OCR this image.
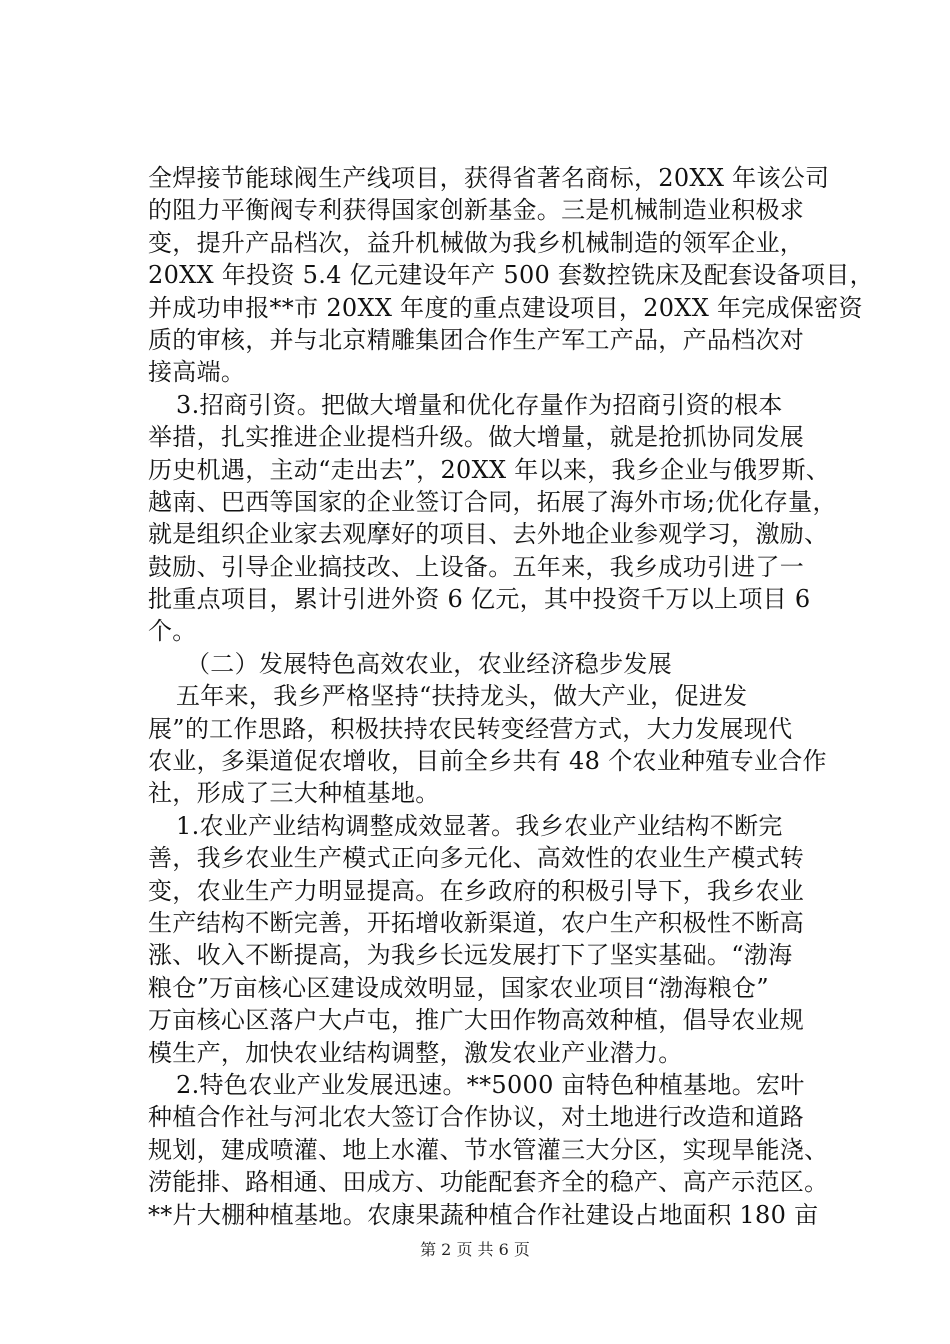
全焊接节能球阀生产线项目，获得省著名商标，20XX 年该公司
的阻力平衡阀专利获得国家创新基金。三是机械制造业积极求
变，提升产品档次，益升机械做为我乡机械制造的领军企业，
20XX 年投资 5.4 亿元建设年产 500 套数控铣床及配套设备项目，
并成功申报**市 20XX 年度的重点建设项目，20XX 年完成保密资
质的审核，并与北京精雕集团合作生产军工产品，产品档次对
接高端。
3.招商引资。把做大增量和优化存量作为招商引资的根本
举措，扎实推进企业提档升级。做大增量，就是抢抓协同发展
历史机遇，主动“走出去”，20XX 年以来，我乡企业与俄罗斯、
越南、巴西等国家的企业签订合同，拓展了海外市场;优化存量，
就是组织企业家去观摩好的项目、去外地企业参观学习，激励、
鼓励、引导企业搞技改、上设备。五年来，我乡成功引进了一
批重点项目，累计引进外资 6 亿元，其中投资千万以上项目 6
个。
（二）发展特色高效农业，农业经济稳步发展
五年来，我乡严格坚持“扶持龙头，做大产业，促进发
展”的工作思路，积极扶持农民转变经营方式，大力发展现代
农业，多渠道促农增收，目前全乡共有 48 个农业种殖专业合作
社，形成了三大种植基地。
1.农业产业结构调整成效显著。我乡农业产业结构不断完
善，我乡农业生产模式正向多元化、高效性的农业生产模式转
变，农业生产力明显提高。在乡政府的积极引导下，我乡农业
生产结构不断完善，开拓增收新渠道，农户生产积极性不断高
涨、收入不断提高，为我乡长远发展打下了坚实基础。“渤海
粮仓”万亩核心区建设成效明显，国家农业项目“渤海粮仓”
万亩核心区落户大卢屯，推广大田作物高效种植，倡导农业规
模生产，加快农业结构调整，激发农业产业潜力。
2.特色农业产业发展迅速。**5000 亩特色种植基地。宏叶
种植合作社与河北农大签订合作协议，对土地进行改造和道路
规划，建成喷灌、地上水灌、节水管灌三大分区，实现旱能浇、
涝能排、路相通、田成方、功能配套齐全的稳产、高产示范区。
**片大棚种植基地。农康果蔬种植合作社建设占地面积 180 亩
第 2 页 共 6 页
